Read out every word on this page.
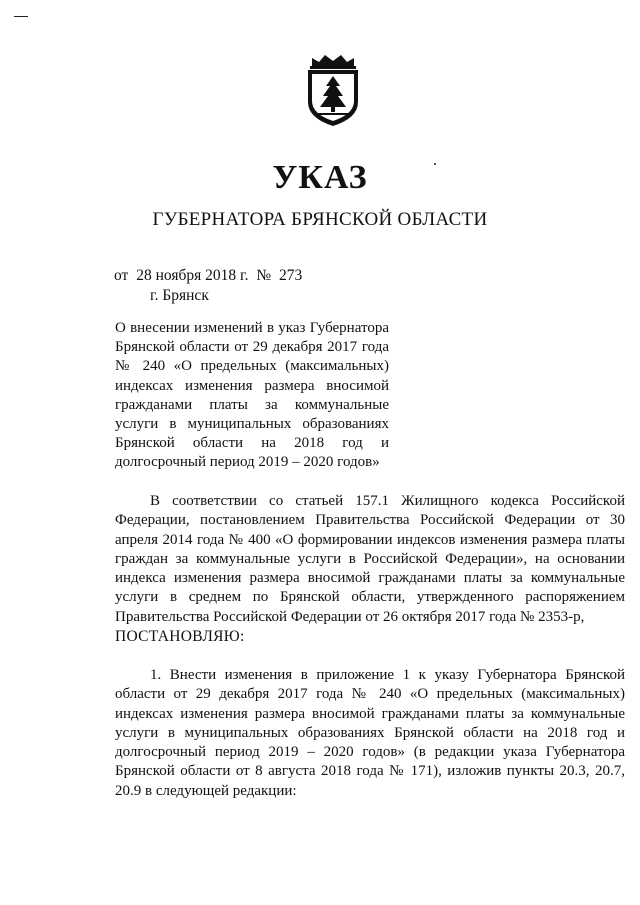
УКАЗ
ГУБЕРНАТОРА БРЯНСКОЙ ОБЛАСТИ
от 28 ноября 2018 г. № 273
г. Брянск
О внесении изменений в указ Губернатора Брянской области от 29 декабря 2017 года № 240 «О предельных (максимальных) индексах изменения размера вносимой гражданами платы за коммунальные услуги в муниципальных образованиях Брянской области на 2018 год и долгосрочный период 2019 – 2020 годов»
В соответствии со статьей 157.1 Жилищного кодекса Российской Федерации, постановлением Правительства Российской Федерации от 30 апреля 2014 года № 400 «О формировании индексов изменения размера платы граждан за коммунальные услуги в Российской Федерации», на основании индекса изменения размера вносимой гражданами платы за коммунальные услуги в среднем по Брянской области, утвержденного распоряжением Правительства Российской Федерации от 26 октября 2017 года № 2353-р,
ПОСТАНОВЛЯЮ:
1. Внести изменения в приложение 1 к указу Губернатора Брянской области от 29 декабря 2017 года № 240 «О предельных (максимальных) индексах изменения размера вносимой гражданами платы за коммунальные услуги в муниципальных образованиях Брянской области на 2018 год и долгосрочный период 2019 – 2020 годов» (в редакции указа Губернатора Брянской области от 8 августа 2018 года № 171), изложив пункты 20.3, 20.7, 20.9 в следующей редакции:
